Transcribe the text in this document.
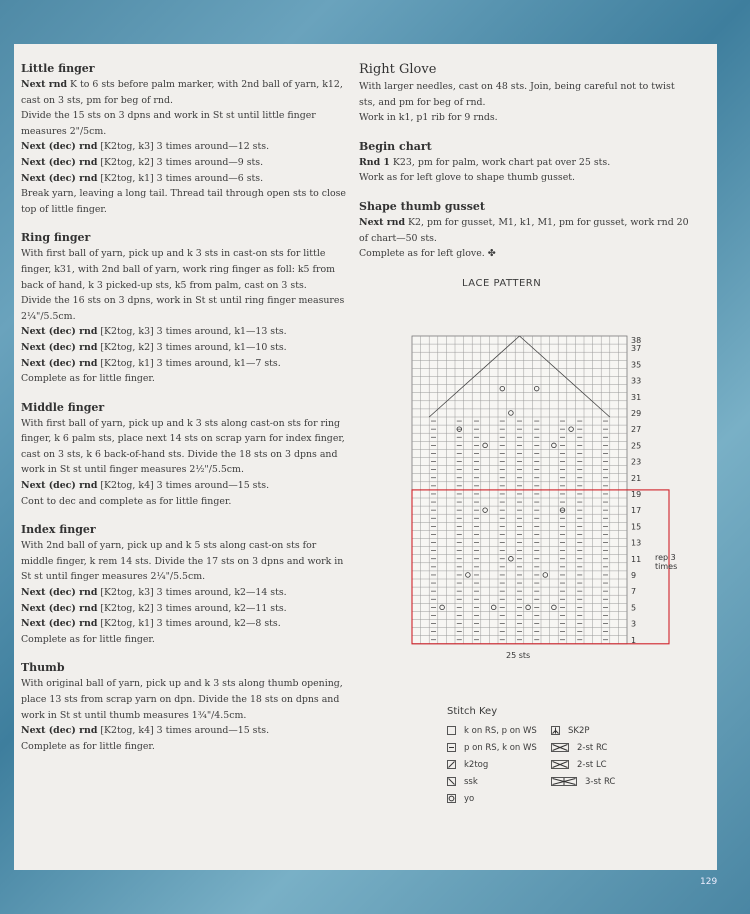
Little finger
Next rnd K to 6 sts before palm marker, with 2nd ball of yarn, k12,
cast on 3 sts, pm for beg of rnd.
Divide the 15 sts on 3 dpns and work in St st until little finger
measures 2"/5cm.
Next (dec) rnd [K2tog, k3] 3 times around—12 sts.
Next (dec) rnd [K2tog, k2] 3 times around—9 sts.
Next (dec) rnd [K2tog, k1] 3 times around—6 sts.
Break yarn, leaving a long tail. Thread tail through open sts to close
top of little finger.
Ring finger
With first ball of yarn, pick up and k 3 sts in cast-on sts for little
finger, k31, with 2nd ball of yarn, work ring finger as foll: k5 from
back of hand, k 3 picked-up sts, k5 from palm, cast on 3 sts.
Divide the 16 sts on 3 dpns, work in St st until ring finger measures
2¼"/5.5cm.
Next (dec) rnd [K2tog, k3] 3 times around, k1—13 sts.
Next (dec) rnd [K2tog, k2] 3 times around, k1—10 sts.
Next (dec) rnd [K2tog, k1] 3 times around, k1—7 sts.
Complete as for little finger.
Middle finger
With first ball of yarn, pick up and k 3 sts along cast-on sts for ring
finger, k 6 palm sts, place next 14 sts on scrap yarn for index finger,
cast on 3 sts, k 6 back-of-hand sts. Divide the 18 sts on 3 dpns and
work in St st until finger measures 2½"/5.5cm.
Next (dec) rnd [K2tog, k4] 3 times around—15 sts.
Cont to dec and complete as for little finger.
Index finger
With 2nd ball of yarn, pick up and k 5 sts along cast-on sts for
middle finger, k rem 14 sts. Divide the 17 sts on 3 dpns and work in
St st until finger measures 2¼"/5.5cm.
Next (dec) rnd [K2tog, k3] 3 times around, k2—14 sts.
Next (dec) rnd [K2tog, k2] 3 times around, k2—11 sts.
Next (dec) rnd [K2tog, k1] 3 times around, k2—8 sts.
Complete as for little finger.
Thumb
With original ball of yarn, pick up and k 3 sts along thumb opening,
place 13 sts from scrap yarn on dpn. Divide the 18 sts on dpns and
work in St st until thumb measures 1¾"/4.5cm.
Next (dec) rnd [K2tog, k4] 3 times around—15 sts.
Complete as for little finger.
Right Glove
With larger needles, cast on 48 sts. Join, being careful not to twist
sts, and pm for beg of rnd.
Work in k1, p1 rib for 9 rnds.
Begin chart
Rnd 1 K23, pm for palm, work chart pat over 25 sts.
Work as for left glove to shape thumb gusset.
Shape thumb gusset
Next rnd K2, pm for gusset, M1, k1, M1, pm for gusset, work rnd 20
of chart—50 sts.
Complete as for left glove. ✤
LACE PATTERN
38
37
35
33
31
29
27
25
23
21
19
17
15
13
11
9
7
5
3
1
rep 3
times
25 sts
Stitch Key
k on RS, p on WS
p on RS, k on WS
k2tog
ssk
yo
SK2P
2-st RC
2-st LC
3-st RC
129
